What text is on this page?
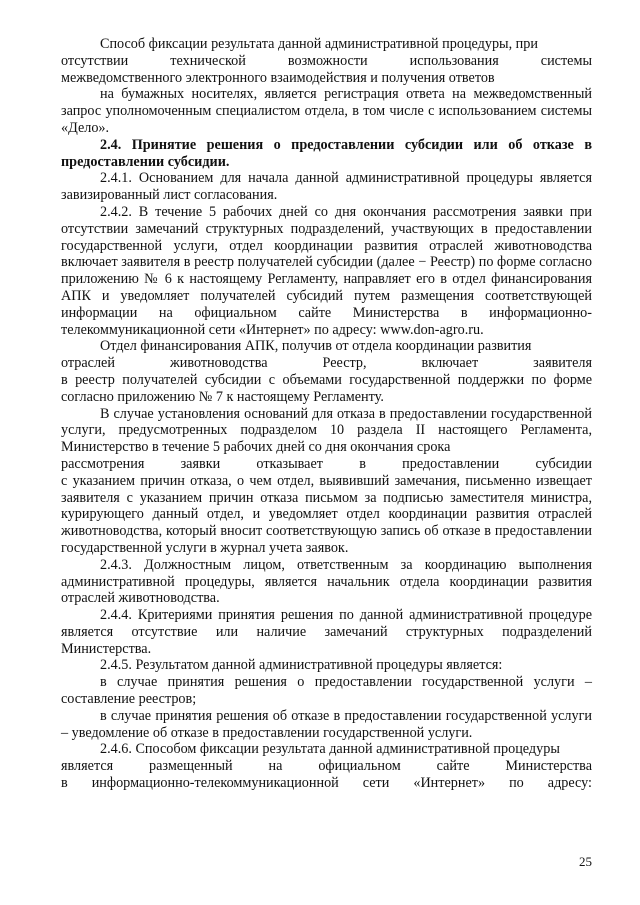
Способ фиксации результата данной административной процедуры, при

отсутствии технической возможности использования системы

межведомственного электронного взаимодействия и получения ответов

на бумажных носителях, является регистрация ответа на межведомственный запрос уполномоченным специалистом отдела, в том числе с использованием системы «Дело».

2.4. Принятие решения о предоставлении субсидии или об отказе в предоставлении субсидии.

2.4.1. Основанием для начала данной административной процедуры является завизированный лист согласования.

2.4.2. В течение 5 рабочих дней со дня окончания рассмотрения заявки при отсутствии замечаний структурных подразделений, участвующих в предоставлении государственной услуги, отдел координации развития отраслей животноводства включает заявителя в реестр получателей субсидии (далее − Реестр) по форме согласно приложению № 6 к настоящему Регламенту, направляет его в отдел финансирования АПК и уведомляет получателей субсидий путем размещения соответствующей информации на официальном сайте Министерства в информационно-телекоммуникационной сети «Интернет» по адресу: www.don-agro.ru.

Отдел финансирования АПК, получив от отдела координации развития

отраслей животноводства Реестр, включает заявителя

в реестр получателей субсидии с объемами государственной поддержки по форме согласно приложению № 7 к настоящему Регламенту.

В случае установления оснований для отказа в предоставлении государственной услуги, предусмотренных подразделом 10 раздела II настоящего Регламента, Министерство в течение 5 рабочих дней со дня окончания срока

рассмотрения заявки отказывает в предоставлении субсидии

с указанием причин отказа, о чем отдел, выявивший замечания, письменно извещает заявителя с указанием причин отказа письмом за подписью заместителя министра, курирующего данный отдел, и уведомляет отдел координации развития отраслей животноводства, который вносит соответствующую запись об отказе в предоставлении государственной услуги в журнал учета заявок.

2.4.3. Должностным лицом, ответственным за координацию выполнения административной процедуры, является начальник отдела координации развития отраслей животноводства.

2.4.4. Критериями принятия решения по данной административной процедуре является отсутствие или наличие замечаний структурных подразделений Министерства.

2.4.5. Результатом данной административной процедуры является:

в случае принятия решения о предоставлении государственной услуги – составление реестров;

в случае принятия решения об отказе в предоставлении государственной услуги – уведомление об отказе в предоставлении государственной услуги.

2.4.6. Способом фиксации результата данной административной процедуры

является размещенный на официальном сайте Министерства

в информационно-телекоммуникационной сети «Интернет» по адресу:

25
